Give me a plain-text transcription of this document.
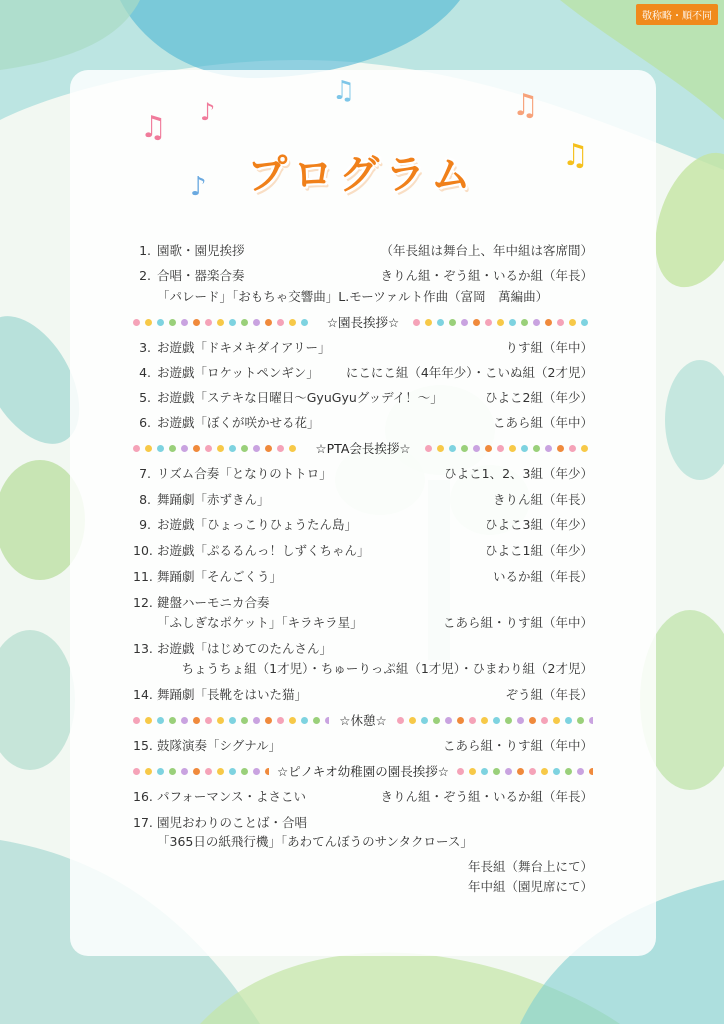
敬称略・順不同
♫ ♪
♪
♫	♫
♫
プログラム
1. 園歌・園児挨拶	（年長組は舞台上、年中組は客席間）
2. 合唱・器楽合奏	きりん組・ぞう組・いるか組（年長）
「パレード」「おもちゃ交響曲」L.モーツァルト作曲（富岡　萬編曲）
☆園長挨拶☆
3. お遊戯「ドキメキダイアリー」	りす組（年中）
4. お遊戯「ロケットペンギン」 にこにこ組（4年年少）・こいぬ組（2才児）
5. お遊戯「ステキな日曜日～GyuGyuグッデイ！～」	ひよこ2組（年少）
6. お遊戯「ぼくが咲かせる花」	こあら組（年中）
☆PTA会長挨拶☆
7. リズム合奏「となりのトトロ」	ひよこ1、2、3組（年少）
8. 舞踊劇「赤ずきん」	きりん組（年長）
9. お遊戯「ひょっこりひょうたん島」	ひよこ3組（年少）
10. お遊戯「ぷるるんっ！しずくちゃん」	ひよこ1組（年少）
11. 舞踊劇「そんごくう」	いるか組（年長）
12. 鍵盤ハーモニカ合奏
「ふしぎなポケット」「キラキラ星」	こあら組・りす組（年中）
13. お遊戯「はじめてのたんさん」
ちょうちょ組（1才児）・ちゅーりっぷ組（1才児）・ひまわり組（2才児）
14. 舞踊劇「長靴をはいた猫」	ぞう組（年長）
☆休憩☆
15. 鼓隊演奏「シグナル」	こあら組・りす組（年中）
☆ピノキオ幼稚園の園長挨拶☆
16. パフォーマンス・よさこい	きりん組・ぞう組・いるか組（年長）
17. 園児おわりのことば・合唱
「365日の紙飛行機」「あわてんぼうのサンタクロース」
年長組（舞台上にて）
年中組（園児席にて）
